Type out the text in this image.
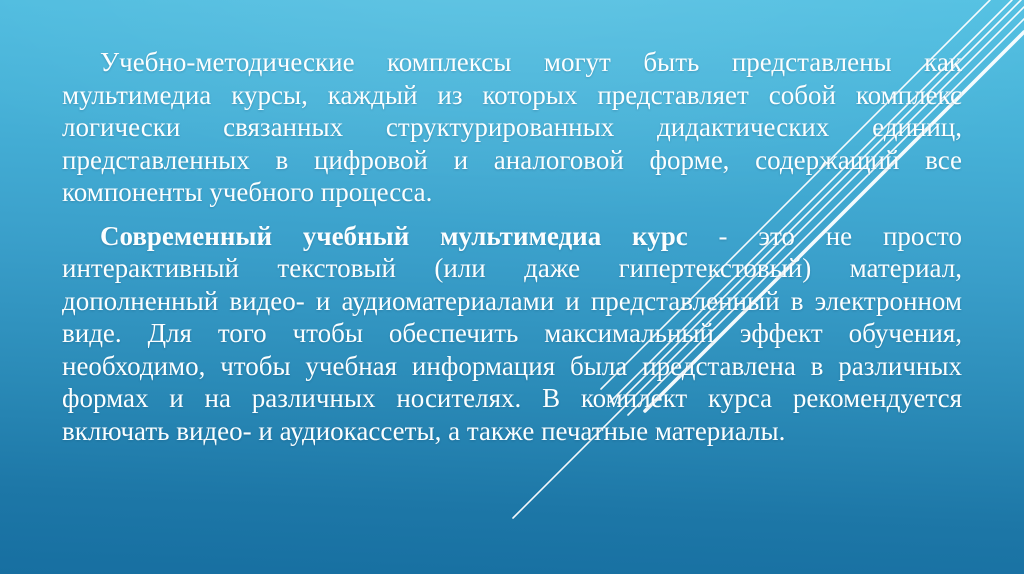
Учебно-методические комплексы могут быть представлены как мультимедиа курсы, каждый из которых представляет собой комплекс логически связанных структурированных дидактических единиц, представленных в цифровой и аналоговой форме, содержащий все компоненты учебного процесса.

Современный учебный мультимедиа курс - это не просто интерактивный текстовый (или даже гипертекстовый) материал, дополненный видео- и аудиоматериалами и представленный в электронном виде. Для того чтобы обеспечить максимальный эффект обучения, необходимо, чтобы учебная информация была представлена в различных формах и на различных носителях. В комплект курса рекомендуется включать видео- и аудиокассеты, а также печатные материалы.
